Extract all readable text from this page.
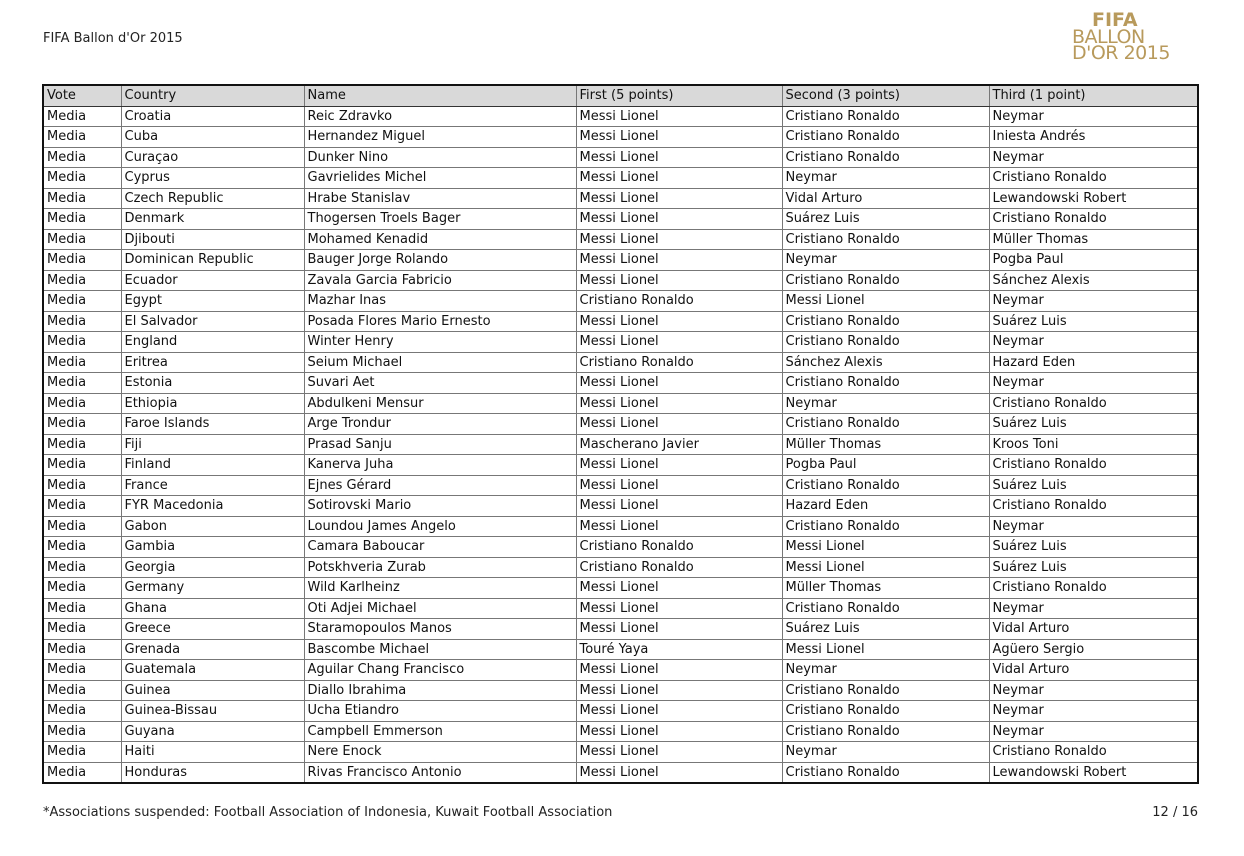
FIFA Ballon d'Or 2015
FIFA
BALLON
D'OR 2015
Vote	Country	Name	First (5 points)	Second (3 points)	Third (1 point)
Media	Croatia	Reic Zdravko	Messi Lionel	Cristiano Ronaldo	Neymar
Media	Cuba	Hernandez Miguel	Messi Lionel	Cristiano Ronaldo	Iniesta Andrés
Media	Curaçao	Dunker Nino	Messi Lionel	Cristiano Ronaldo	Neymar
Media	Cyprus	Gavrielides Michel	Messi Lionel	Neymar	Cristiano Ronaldo
Media	Czech Republic	Hrabe Stanislav	Messi Lionel	Vidal Arturo	Lewandowski Robert
Media	Denmark	Thogersen Troels Bager	Messi Lionel	Suárez Luis	Cristiano Ronaldo
Media	Djibouti	Mohamed Kenadid	Messi Lionel	Cristiano Ronaldo	Müller Thomas
Media	Dominican Republic	Bauger Jorge Rolando	Messi Lionel	Neymar	Pogba Paul
Media	Ecuador	Zavala Garcia Fabricio	Messi Lionel	Cristiano Ronaldo	Sánchez Alexis
Media	Egypt	Mazhar Inas	Cristiano Ronaldo	Messi Lionel	Neymar
Media	El Salvador	Posada Flores Mario Ernesto	Messi Lionel	Cristiano Ronaldo	Suárez Luis
Media	England	Winter Henry	Messi Lionel	Cristiano Ronaldo	Neymar
Media	Eritrea	Seium Michael	Cristiano Ronaldo	Sánchez Alexis	Hazard Eden
Media	Estonia	Suvari Aet	Messi Lionel	Cristiano Ronaldo	Neymar
Media	Ethiopia	Abdulkeni Mensur	Messi Lionel	Neymar	Cristiano Ronaldo
Media	Faroe Islands	Arge Trondur	Messi Lionel	Cristiano Ronaldo	Suárez Luis
Media	Fiji	Prasad Sanju	Mascherano Javier	Müller Thomas	Kroos Toni
Media	Finland	Kanerva Juha	Messi Lionel	Pogba Paul	Cristiano Ronaldo
Media	France	Ejnes Gérard	Messi Lionel	Cristiano Ronaldo	Suárez Luis
Media	FYR Macedonia	Sotirovski Mario	Messi Lionel	Hazard Eden	Cristiano Ronaldo
Media	Gabon	Loundou James Angelo	Messi Lionel	Cristiano Ronaldo	Neymar
Media	Gambia	Camara Baboucar	Cristiano Ronaldo	Messi Lionel	Suárez Luis
Media	Georgia	Potskhveria Zurab	Cristiano Ronaldo	Messi Lionel	Suárez Luis
Media	Germany	Wild Karlheinz	Messi Lionel	Müller Thomas	Cristiano Ronaldo
Media	Ghana	Oti Adjei Michael	Messi Lionel	Cristiano Ronaldo	Neymar
Media	Greece	Staramopoulos Manos	Messi Lionel	Suárez Luis	Vidal Arturo
Media	Grenada	Bascombe Michael	Touré Yaya	Messi Lionel	Agüero Sergio
Media	Guatemala	Aguilar Chang Francisco	Messi Lionel	Neymar	Vidal Arturo
Media	Guinea	Diallo Ibrahima	Messi Lionel	Cristiano Ronaldo	Neymar
Media	Guinea-Bissau	Ucha Etiandro	Messi Lionel	Cristiano Ronaldo	Neymar
Media	Guyana	Campbell Emmerson	Messi Lionel	Cristiano Ronaldo	Neymar
Media	Haiti	Nere Enock	Messi Lionel	Neymar	Cristiano Ronaldo
Media	Honduras	Rivas Francisco Antonio	Messi Lionel	Cristiano Ronaldo	Lewandowski Robert
*Associations suspended: Football Association of Indonesia, Kuwait Football Association	12 / 16
